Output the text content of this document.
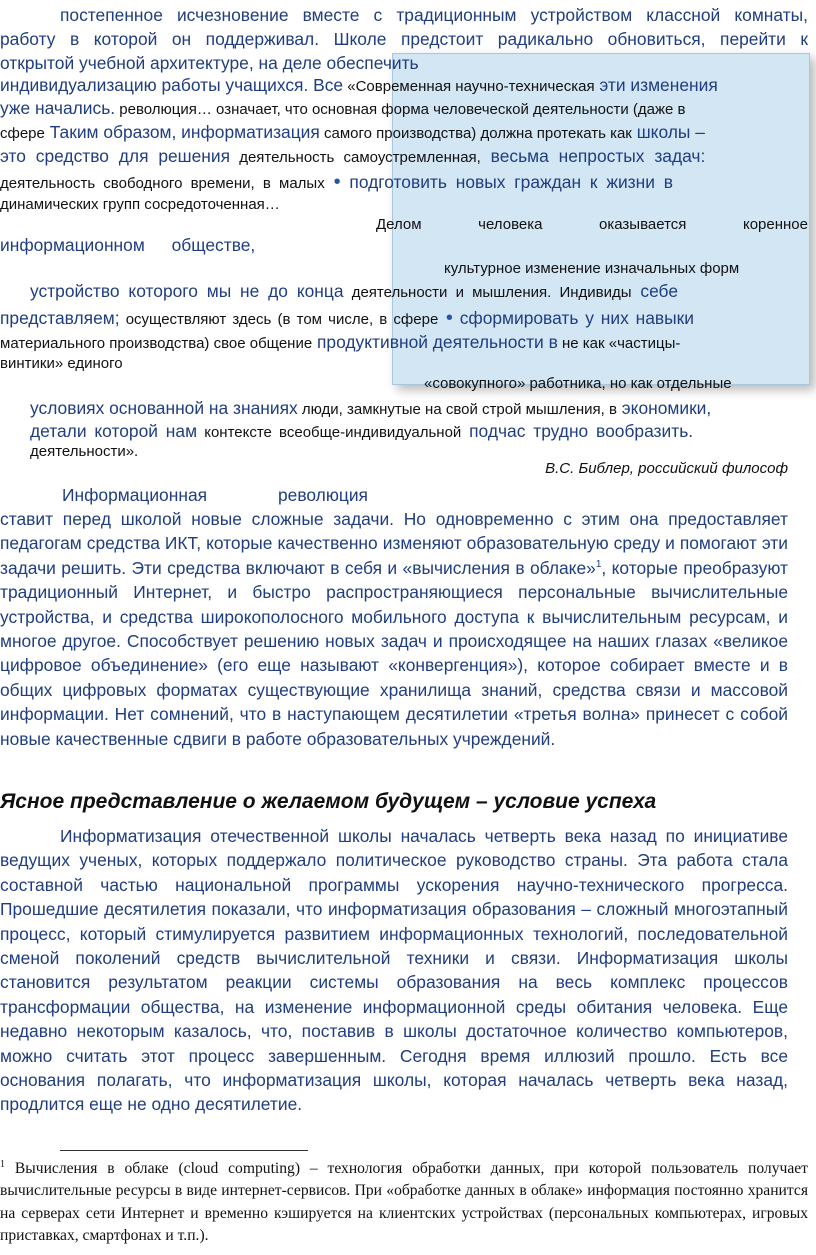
постепенное исчезновение вместе с традиционным устройством классной комнаты,

работу в которой он поддерживал. Школе предстоит радикально обновиться, перейти к

открытой учебной архитектуре, на деле обеспечить

индивидуализацию работы учащихся. Все «Современная научно-техническая эти изменения

уже начались. революция… означает, что основная форма человеческой деятельности (даже в

сфере Таким образом, информатизация самого производства) должна протекать как школы –

это средство для решения деятельность самоустремленная, весьма непростых задач:

деятельность свободного времени, в малых • подготовить новых граждан к жизни в

динамических групп сосредоточенная…

Делом человека оказывается коренное

информационном обществе,

культурное изменение изначальных форм

устройство которого мы не до конца деятельности и мышления. Индивиды себе

представляем; осуществляют здесь (в том числе, в сфере • сформировать у них навыки

материального производства) свое общение продуктивной деятельности в не как «частицы-

винтики» единого

«совокупного» работника, но как отдельные

условиях основанной на знаниях люди, замкнутые на свой строй мышления, в экономики,

детали которой нам контексте всеобще-индивидуальной подчас трудно вообразить.

деятельности».

В.С. Библер, российский философ

Информационная	революция

ставит перед школой новые сложные задачи. Но одновременно с этим она предоставляет педагогам средства ИКТ, которые качественно изменяют образовательную среду и помогают эти задачи решить. Эти средства включают в себя и «вычисления в облаке»$^1$, которые преобразуют традиционный Интернет, и быстро распространяющиеся персональные вычислительные устройства, и средства широкополосного мобильного доступа к вычислительным ресурсам, и многое другое. Способствует решению новых задач и происходящее на наших глазах «великое цифровое объединение» (его еще называют «конвергенция»), которое собирает вместе и в общих цифровых форматах существующие хранилища знаний, средства связи и массовой информации. Нет сомнений, что в наступающем десятилетии «третья волна» принесет с собой новые качественные сдвиги в работе образовательных учреждений.

Ясное представление о желаемом будущем – условие успеха

Информатизация отечественной школы началась четверть века назад по инициативе ведущих ученых, которых поддержало политическое руководство страны. Эта работа стала составной частью национальной программы ускорения научно-технического прогресса. Прошедшие десятилетия показали, что информатизация образования – сложный многоэтапный процесс, который стимулируется развитием информационных технологий, последовательной сменой поколений средств вычислительной техники и связи. Информатизация школы становится результатом реакции системы образования на весь комплекс процессов трансформации общества, на изменение информационной среды обитания человека. Еще недавно некоторым казалось, что, поставив в школы достаточное количество компьютеров, можно считать этот процесс завершенным. Сегодня время иллюзий прошло. Есть все основания полагать, что информатизация школы, которая началась четверть века назад, продлится еще не одно десятилетие.

$^1$ Вычисления в облаке (cloud computing) – технология обработки данных, при которой пользователь получает вычислительные ресурсы в виде интернет-сервисов. При «обработке данных в облаке» информация постоянно хранится на серверах сети Интернет и временно кэшируется на клиентских устройствах (персональных компьютерах, игровых приставках, смартфонах и т.п.).
